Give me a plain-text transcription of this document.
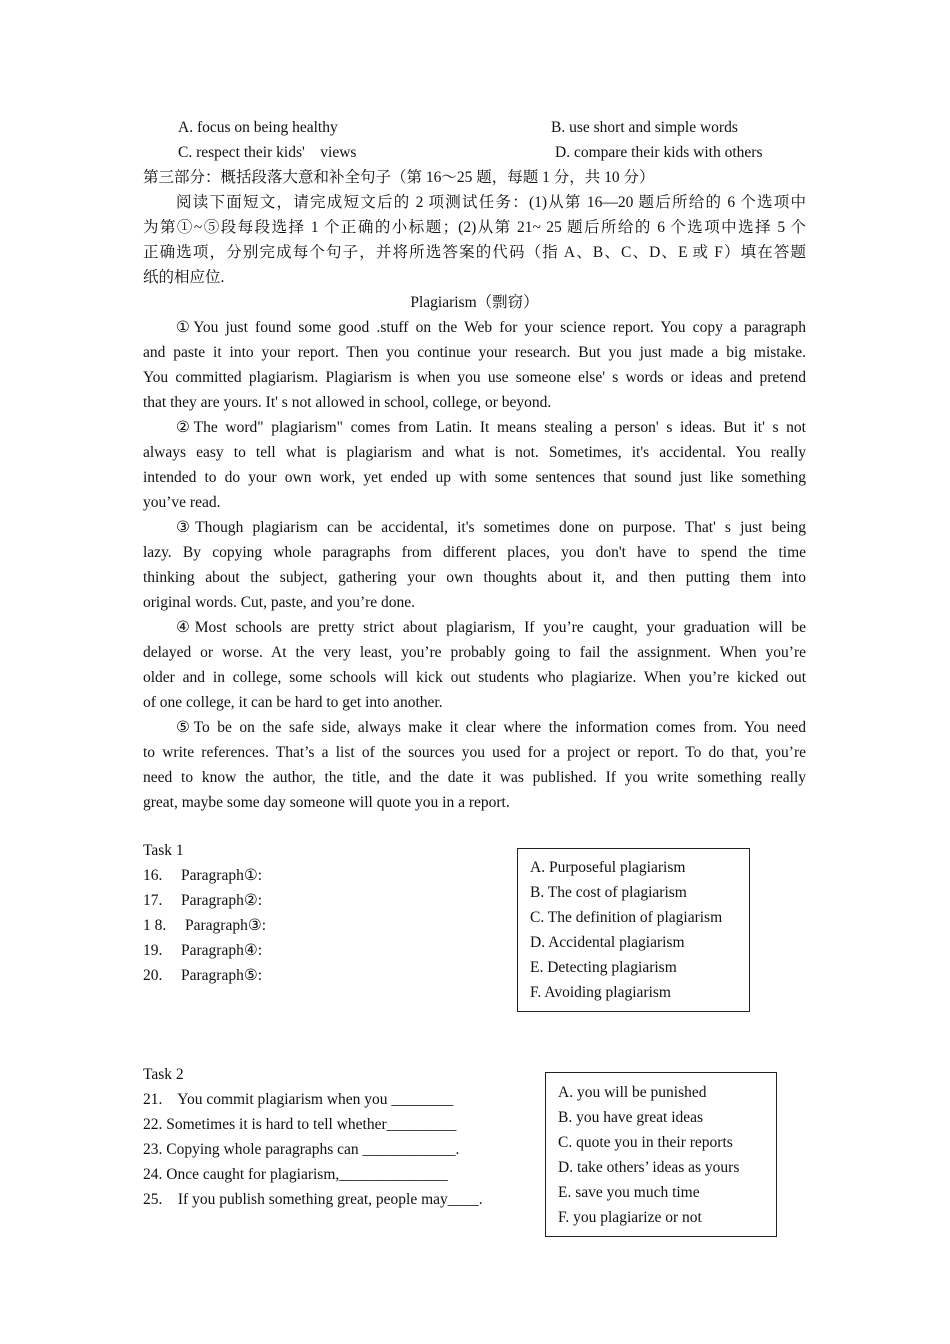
A. focus on being healthy	B. use short and simple words
C. respect their kids'    views	D. compare their kids with others
第三部分：概括段落大意和补全句子（第 16～25 题，每题 1 分，共 10 分）
阅读下面短文，请完成短文后的 2 项测试任务：(1)从第 16—20 题后所给的 6 个选项中
为第①~⑤段每段选择 1 个正确的小标题；(2)从第 21~ 25 题后所给的 6 个选项中选择 5 个
正确选项，分别完成每个句子，并将所选答案的代码（指 A、B、C、D、E 或 F）填在答题
纸的相应位.
Plagiarism（剽窃）
Task 1
A. Purposeful plagiarism
B. The cost of plagiarism
C. The definition of plagiarism
D. Accidental plagiarism
E. Detecting plagiarism
F. Avoiding plagiarism
Task 2
A. you will be punished
B. you have great ideas
C. quote you in their reports
D. take others’ ideas as yours
E. save you much time
F. you plagiarize or not
①You just found some good .stuff on the Web for your science report. You copy a paragraph
and paste it into your report. Then you continue your research. But you just made a big mistake.
You committed plagiarism. Plagiarism is when you use someone else' s words or ideas and pretend
that they are yours. It' s not allowed in school, college, or beyond.
②The word" plagiarism" comes from Latin. It means stealing a person' s ideas. But it' s not
always easy to tell what is plagiarism and what is not. Sometimes, it's accidental. You really
intended to do your own work, yet ended up with some sentences that sound just like something
you’ve read.
③Though plagiarism can be accidental, it's sometimes done on purpose. That' s just being
lazy. By copying whole paragraphs from different places, you don't have to spend the time
thinking about the subject, gathering your own thoughts about it, and then putting them into
original words. Cut, paste, and you’re done.
④Most schools are pretty strict about plagiarism, If you’re caught, your graduation will be
delayed or worse. At the very least, you’re probably going to fail the assignment. When you’re
older and in college, some schools will kick out students who plagiarize. When you’re kicked out
of one college, it can be hard to get into another.
⑤To be on the safe side, always make it clear where the information comes from. You need
to write references. That’s a list of the sources you used for a project or report. To do that, you’re
need to know the author, the title, and the date it was published. If you write something really
great, maybe some day someone will quote you in a report.
16. Paragraph①:
17. Paragraph②:
1 8. Paragraph③:
19. Paragraph④:
20. Paragraph⑤:
21.    You commit plagiarism when you ________
22. Sometimes it is hard to tell whether_________
23. Copying whole paragraphs can ____________.
24. Once caught for plagiarism,______________
25.    If you publish something great, people may____.
